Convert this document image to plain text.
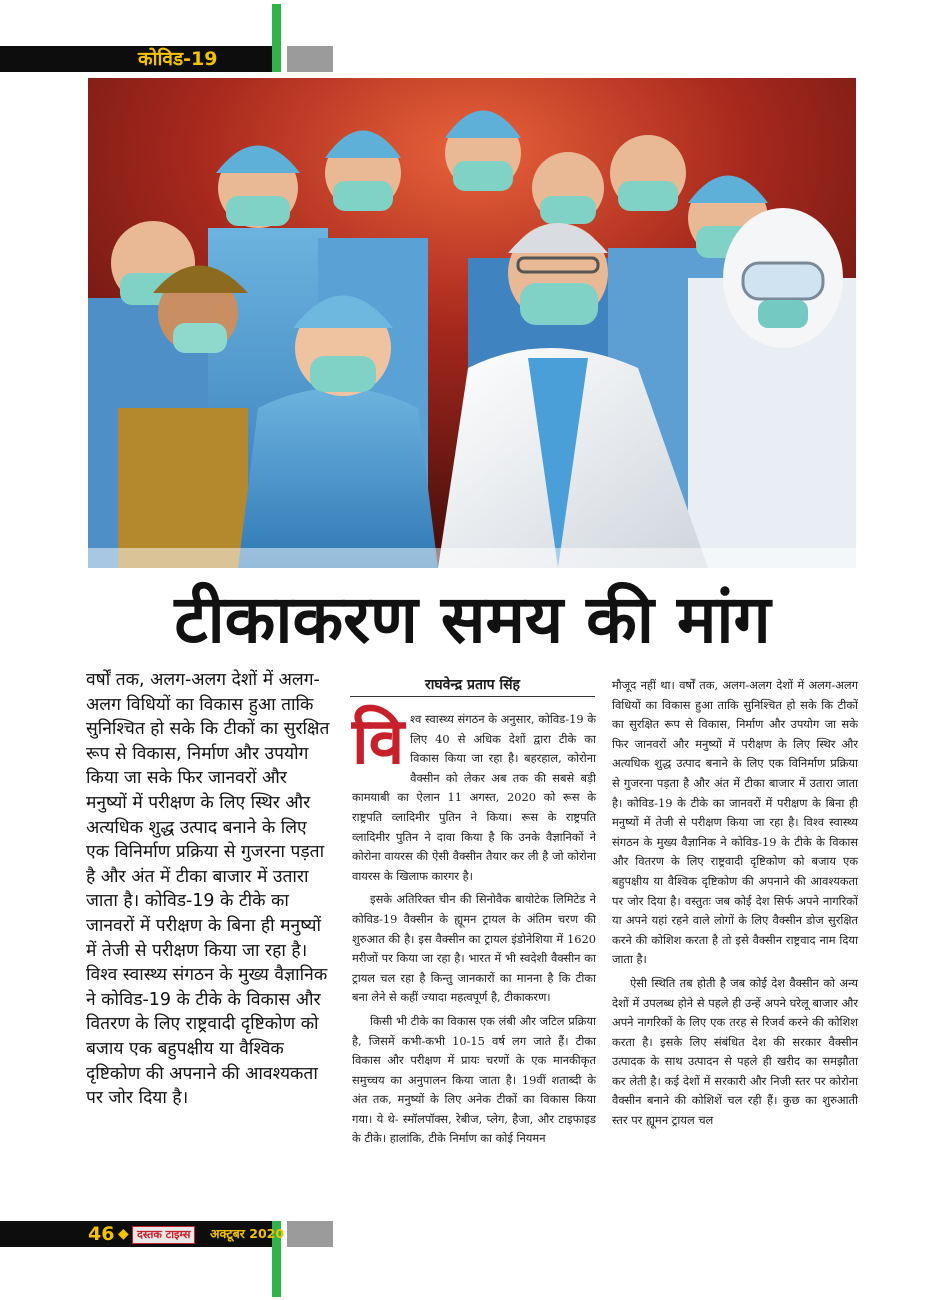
कोविड-19
टीकाकरण समय की मांग
वर्षों तक, अलग-अलग देशों में अलग-अलग विधियों का विकास हुआ ताकि सुनिश्चित हो सके कि टीकों का सुरक्षित रूप से विकास, निर्माण और उपयोग किया जा सके फिर जानवरों और मनुष्यों में परीक्षण के लिए स्थिर और अत्यधिक शुद्ध उत्पाद बनाने के लिए एक विनिर्माण प्रक्रिया से गुजरना पड़ता है और अंत में टीका बाजार में उतारा जाता है। कोविड-19 के टीके का जानवरों में परीक्षण के बिना ही मनुष्यों में तेजी से परीक्षण किया जा रहा है। विश्व स्वास्थ्य संगठन के मुख्य वैज्ञानिक ने कोविड-19 के टीके के विकास और वितरण के लिए राष्ट्रवादी दृष्टिकोण को बजाय एक बहुपक्षीय या वैश्विक दृष्टिकोण की अपनाने की आवश्यकता पर जोर दिया है।
राघवेन्द्र प्रताप सिंह

विश्व स्वास्थ्य संगठन के अनुसार, कोविड-19 के लिए 40 से अधिक देशों द्वारा टीके का विकास किया जा रहा है। बहरहाल, कोरोना वैक्सीन को लेकर अब तक की सबसे बड़ी कामयाबी का ऐलान 11 अगस्त, 2020 को रूस के राष्ट्रपति व्लादिमीर पुतिन ने किया। रूस के राष्ट्रपति व्लादिमीर पुतिन ने दावा किया है कि उनके वैज्ञानिकों ने कोरोना वायरस की ऐसी वैक्सीन तैयार कर ली है जो कोरोना वायरस के खिलाफ कारगर है।

इसके अतिरिक्त चीन की सिनोवैक बायोटेक लिमिटेड ने कोविड-19 वैक्सीन के ह्यूमन ट्रायल के अंतिम चरण की शुरुआत की है। इस वैक्सीन का ट्रायल इंडोनेशिया में 1620 मरीजों पर किया जा रहा है। भारत में भी स्वदेशी वैक्सीन का ट्रायल चल रहा है किन्तु जानकारों का मानना है कि टीका बना लेने से कहीं ज्यादा महत्वपूर्ण है, टीकाकरण।

किसी भी टीके का विकास एक लंबी और जटिल प्रक्रिया है, जिसमें कभी-कभी 10-15 वर्ष लग जाते हैं। टीका विकास और परीक्षण में प्रायः चरणों के एक मानकीकृत समुच्चय का अनुपालन किया जाता है। 19वीं शताब्दी के अंत तक, मनुष्यों के लिए अनेक टीकों का विकास किया गया। ये थे- स्मॉलपॉक्स, रेबीज, प्लेग, हैजा, और टाइफाइड के टीके। हालांकि, टीके निर्माण का कोई नियमन

मौजूद नहीं था। वर्षों तक, अलग-अलग देशों में अलग-अलग विधियों का विकास हुआ ताकि सुनिश्चित हो सके कि टीकों का सुरक्षित रूप से विकास, निर्माण और उपयोग जा सके फिर जानवरों और मनुष्यों में परीक्षण के लिए स्थिर और अत्यधिक शुद्ध उत्पाद बनाने के लिए एक विनिर्माण प्रक्रिया से गुजरना पड़ता है और अंत में टीका बाजार में उतारा जाता है। कोविड-19 के टीके का जानवरों में परीक्षण के बिना ही मनुष्यों में तेजी से परीक्षण किया जा रहा है। विश्व स्वास्थ्य संगठन के मुख्य वैज्ञानिक ने कोविड-19 के टीके के विकास और वितरण के लिए राष्ट्रवादी दृष्टिकोण को बजाय एक बहुपक्षीय या वैश्विक दृष्टिकोण की अपनाने की आवश्यकता पर जोर दिया है। वस्तुतः जब कोई देश सिर्फ अपने नागरिकों या अपने यहां रहने वाले लोगों के लिए वैक्सीन डोज सुरक्षित करने की कोशिश करता है तो इसे वैक्सीन राष्ट्रवाद नाम दिया जाता है।

ऐसी स्थिति तब होती है जब कोई देश वैक्सीन को अन्य देशों में उपलब्ध होने से पहले ही उन्हें अपने घरेलू बाजार और अपने नागरिकों के लिए एक तरह से रिजर्व करने की कोशिश करता है। इसके लिए संबंधित देश की सरकार वैक्सीन उत्पादक के साथ उत्पादन से पहले ही खरीद का समझौता कर लेती है। कई देशों में सरकारी और निजी स्तर पर कोरोना वैक्सीन बनाने की कोशिशें चल रही हैं। कुछ का शुरुआती स्तर पर ह्यूमन ट्रायल चल

46 ◆ दस्तक टाइम्स	अक्टूबर 2020
